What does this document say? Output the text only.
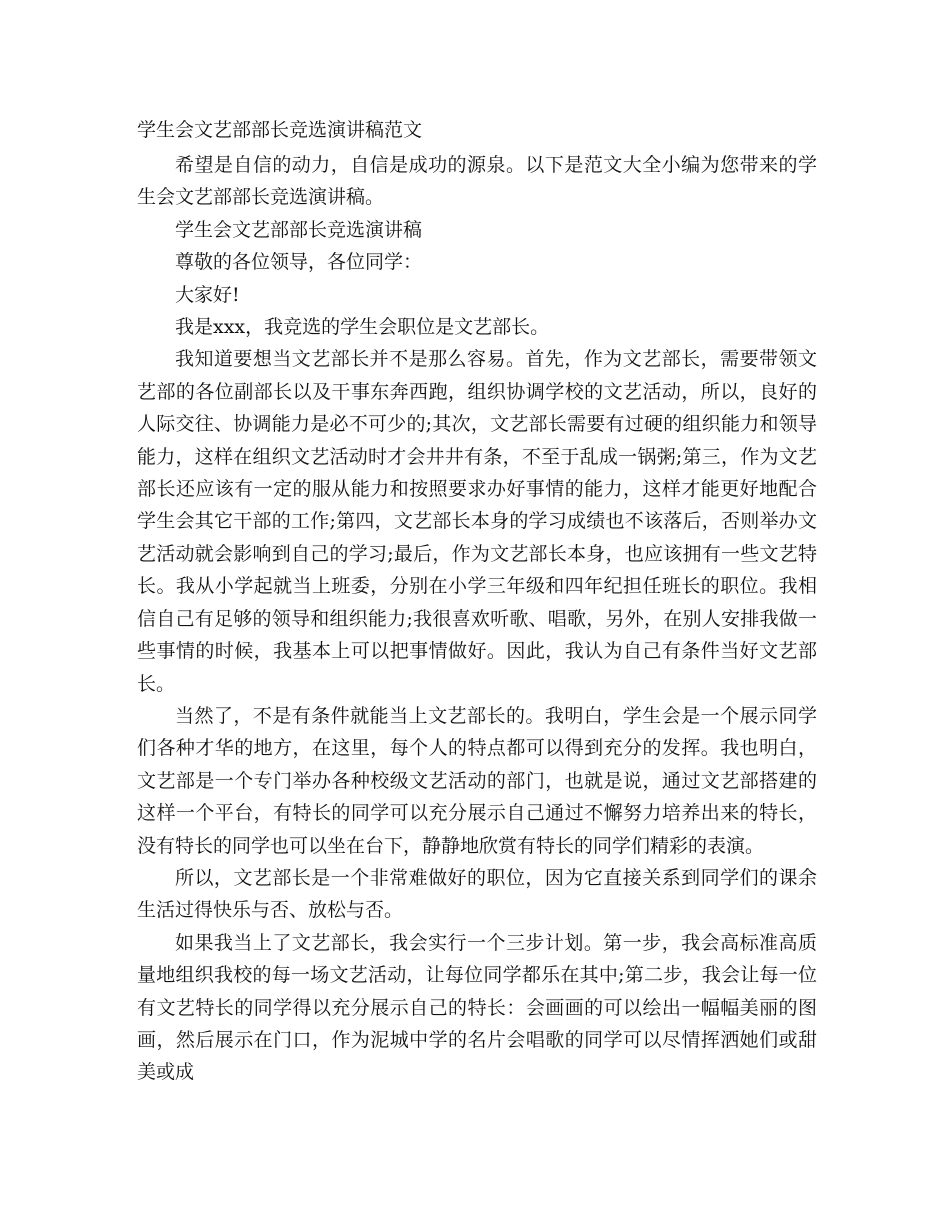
学生会文艺部部长竞选演讲稿范文

希望是自信的动力，自信是成功的源泉。以下是范文大全小编为您带来的学生会文艺部部长竞选演讲稿。

学生会文艺部部长竞选演讲稿

尊敬的各位领导，各位同学：

大家好!

我是xxx，我竞选的学生会职位是文艺部长。

我知道要想当文艺部长并不是那么容易。首先，作为文艺部长，需要带领文艺部的各位副部长以及干事东奔西跑，组织协调学校的文艺活动，所以，良好的人际交往、协调能力是必不可少的;其次，文艺部长需要有过硬的组织能力和领导能力，这样在组织文艺活动时才会井井有条，不至于乱成一锅粥;第三，作为文艺部长还应该有一定的服从能力和按照要求办好事情的能力，这样才能更好地配合学生会其它干部的工作;第四，文艺部长本身的学习成绩也不该落后，否则举办文艺活动就会影响到自己的学习;最后，作为文艺部长本身，也应该拥有一些文艺特长。我从小学起就当上班委，分别在小学三年级和四年纪担任班长的职位。我相信自己有足够的领导和组织能力;我很喜欢听歌、唱歌，另外，在别人安排我做一些事情的时候，我基本上可以把事情做好。因此，我认为自己有条件当好文艺部长。

当然了，不是有条件就能当上文艺部长的。我明白，学生会是一个展示同学们各种才华的地方，在这里，每个人的特点都可以得到充分的发挥。我也明白，文艺部是一个专门举办各种校级文艺活动的部门，也就是说，通过文艺部搭建的这样一个平台，有特长的同学可以充分展示自己通过不懈努力培养出来的特长，没有特长的同学也可以坐在台下，静静地欣赏有特长的同学们精彩的表演。

所以，文艺部长是一个非常难做好的职位，因为它直接关系到同学们的课余生活过得快乐与否、放松与否。

如果我当上了文艺部长，我会实行一个三步计划。第一步，我会高标准高质量地组织我校的每一场文艺活动，让每位同学都乐在其中;第二步，我会让每一位有文艺特长的同学得以充分展示自己的特长：会画画的可以绘出一幅幅美丽的图画，然后展示在门口，作为泥城中学的名片会唱歌的同学可以尽情挥洒她们或甜美或成
